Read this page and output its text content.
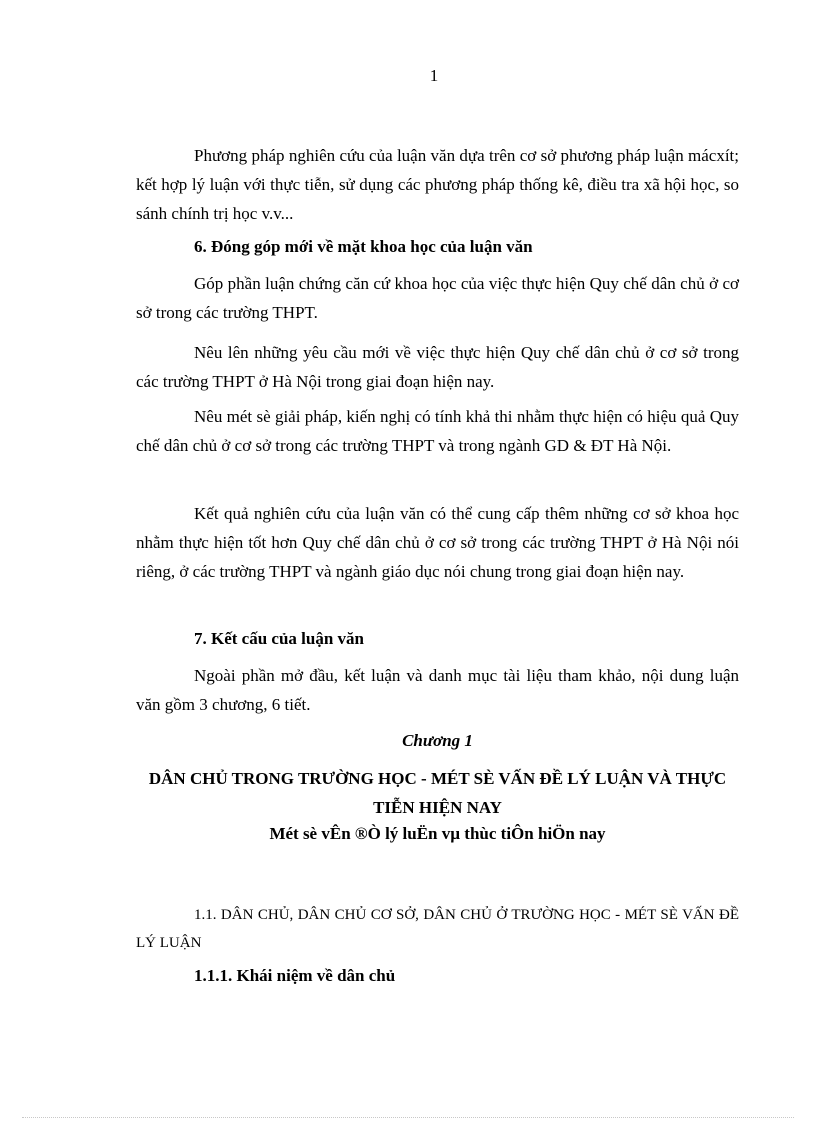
1

Phương pháp nghiên cứu của luận văn dựa trên cơ sở phương pháp luận mácxít; kết hợp lý luận với thực tiễn, sử dụng các phương pháp thống kê, điều tra xã hội học, so sánh chính trị học v.v...

6. Đóng góp mới về mặt khoa học của luận văn

Góp phần luận chứng căn cứ khoa học của việc thực hiện Quy chế dân chủ ở cơ sở trong các trường THPT.

Nêu lên những yêu cầu mới về việc thực hiện Quy chế dân chủ ở cơ sở trong các trường THPT ở Hà Nội trong giai đoạn hiện nay.

Nêu mét sè giải pháp, kiến nghị có tính khả thi nhằm thực hiện có hiệu quả Quy chế dân chủ ở cơ sở trong các trường THPT và trong ngành GD & ĐT Hà Nội.

Kết quả nghiên cứu của luận văn có thể cung cấp thêm những cơ sở khoa học nhằm thực hiện tốt hơn Quy chế dân chủ ở cơ sở trong các trường THPT ở Hà Nội nói riêng, ở các trường THPT và ngành giáo dục nói chung trong giai đoạn hiện nay.

7. Kết cấu của luận văn

Ngoài phần mở đầu, kết luận và danh mục tài liệu tham khảo, nội dung luận văn gồm 3 chương, 6 tiết.

Chương 1

DÂN CHỦ TRONG TRƯỜNG HỌC - MÉT SÈ VẤN ĐỀ LÝ LUẬN VÀ THỰC TIỄN HIỆN NAY

Mét sè vÊn ®Ò lý luËn vµ thùc tiÔn hiÖn nay

1.1. DÂN CHỦ, DÂN CHỦ CƠ SỞ, DÂN CHỦ Ở TRƯỜNG HỌC - MÉT SÈ VẤN ĐỀ LÝ LUẬN

1.1.1. Khái niệm về dân chủ
